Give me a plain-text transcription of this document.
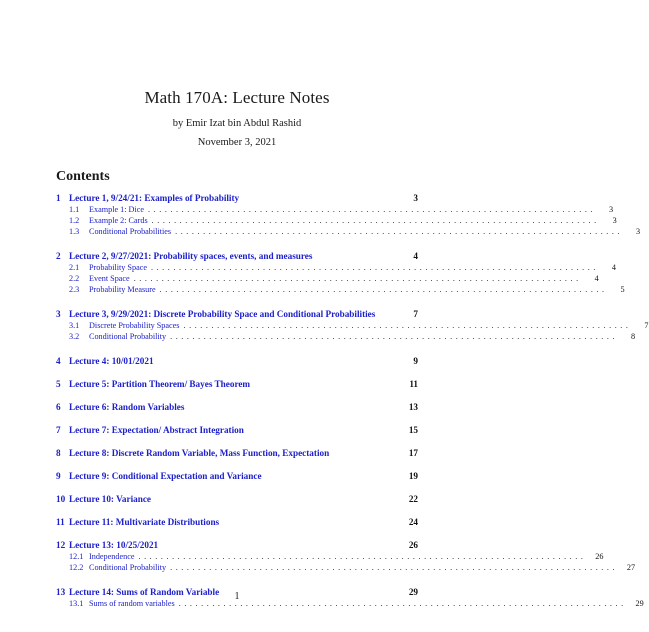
Math 170A: Lecture Notes
by Emir Izat bin Abdul Rashid
November 3, 2021
Contents
1 Lecture 1, 9/24/21: Examples of Probability	3
1.1	Example 1: Dice ................................................................................	3
1.2	Example 2: Cards ................................................................................	3
1.3	Conditional Probabilities ................................................................................	3
2 Lecture 2, 9/27/2021: Probability spaces, events, and measures	4
2.1	Probability Space ................................................................................	4
2.2	Event Space ................................................................................	4
2.3	Probability Measure ................................................................................	5
3 Lecture 3, 9/29/2021: Discrete Probability Space and Conditional Probabilities	7
3.1	Discrete Probability Spaces ................................................................................	7
3.2	Conditional Probability ................................................................................	8
4 Lecture 4: 10/01/2021	9
5 Lecture 5: Partition Theorem/ Bayes Theorem	11
6 Lecture 6: Random Variables	13
7 Lecture 7: Expectation/ Abstract Integration	15
8 Lecture 8: Discrete Random Variable, Mass Function, Expectation	17
9 Lecture 9: Conditional Expectation and Variance	19
10 Lecture 10: Variance	22
11 Lecture 11: Multivariate Distributions	24
12 Lecture 13: 10/25/2021	26
12.1 Independence ................................................................................	26
12.2 Conditional Probability ................................................................................	27
13 Lecture 14: Sums of Random Variable	29
13.1 Sums of random variables ................................................................................	29
1
